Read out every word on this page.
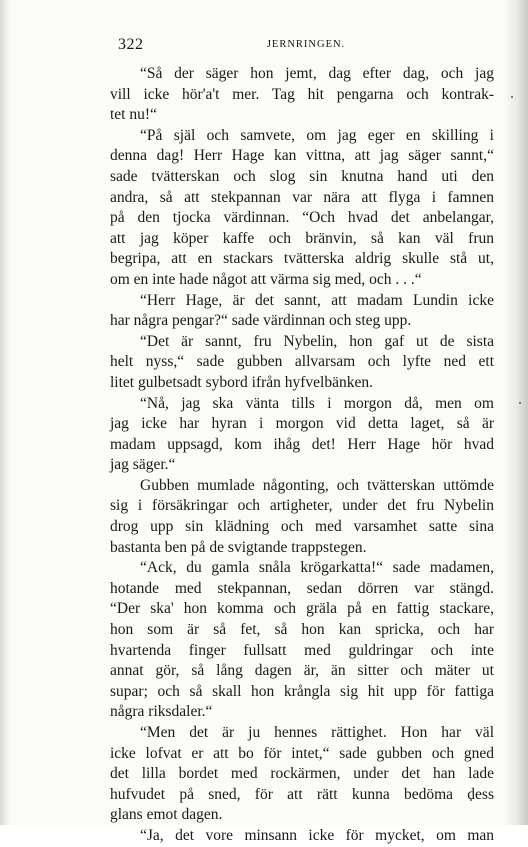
322	JERNRINGEN.
“Så der säger hon jemt, dag efter dag, och jag
vill icke hör'a't mer. Tag hit pengarna och kontrak-
tet nu!“
“På själ och samvete, om jag eger en skilling i
denna dag! Herr Hage kan vittna, att jag säger sannt,“
sade tvätterskan och slog sin knutna hand uti den
andra, så att stekpannan var nära att flyga i famnen
på den tjocka värdinnan. “Och hvad det anbelangar,
att jag köper kaffe och bränvin, så kan väl frun
begripa, att en stackars tvätterska aldrig skulle stå ut,
om en inte hade något att värma sig med, och . . .“
“Herr Hage, är det sannt, att madam Lundin icke
har några pengar?“ sade värdinnan och steg upp.
“Det är sannt, fru Nybelin, hon gaf ut de sista
helt nyss,“ sade gubben allvarsam och lyfte ned ett
litet gulbetsadt sybord ifrån hyfvelbänken.
“Nå, jag ska vänta tills i morgon då, men om
jag icke har hyran i morgon vid detta laget, så är
madam uppsagd, kom ihåg det! Herr Hage hör hvad
jag säger.“
Gubben mumlade någonting, och tvätterskan uttömde
sig i försäkringar och artigheter, under det fru Nybelin
drog upp sin klädning och med varsamhet satte sina
bastanta ben på de svigtande trappstegen.
“Ack, du gamla snåla krögarkatta!“ sade madamen,
hotande med stekpannan, sedan dörren var stängd.
“Der ska' hon komma och gräla på en fattig stackare,
hon som är så fet, så hon kan spricka, och har
hvartenda finger fullsatt med guldringar och inte
annat gör, så lång dagen är, än sitter och mäter ut
supar; och så skall hon krångla sig hit upp för fattiga
några riksdaler.“
“Men det är ju hennes rättighet. Hon har väl
icke lofvat er att bo för intet,“ sade gubben och gned
det lilla bordet med rockärmen, under det han lade
hufvudet på sned, för att rätt kunna bedöma dess
glans emot dagen.
“Ja, det vore minsann icke för mycket, om man
